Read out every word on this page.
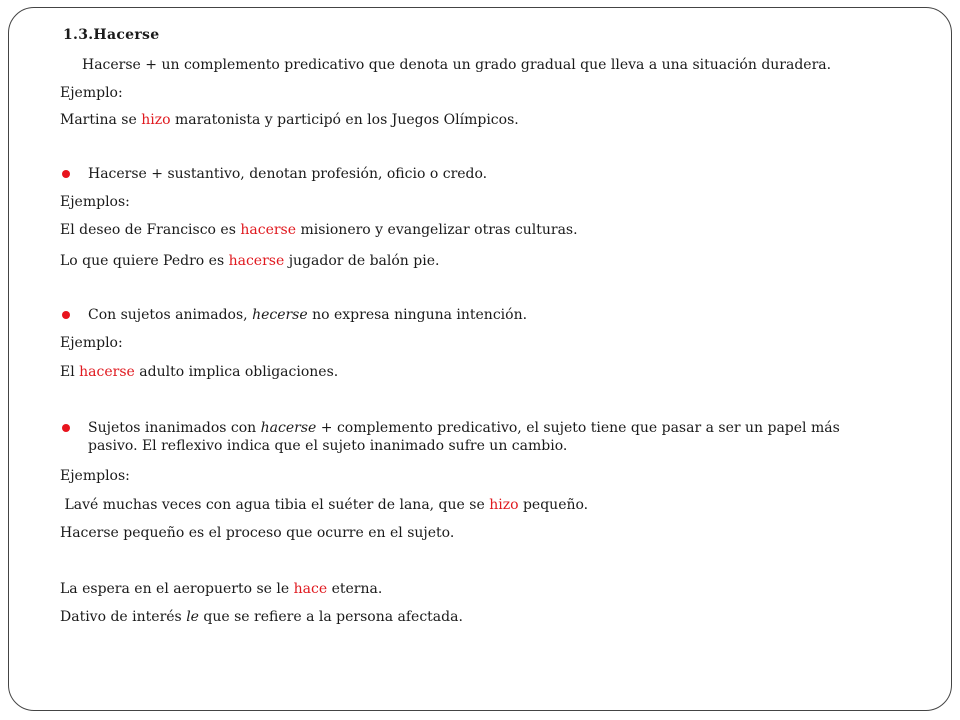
1.3.Hacerse
Hacerse + un complemento predicativo que denota un grado gradual que lleva a una situación duradera.
Ejemplo:
Martina se hizo maratonista y participó en los Juegos Olímpicos.
Hacerse + sustantivo, denotan profesión, oficio o credo.
Ejemplos:
El deseo de Francisco es hacerse misionero y evangelizar otras culturas.
Lo que quiere Pedro es hacerse jugador de balón pie.
Con sujetos animados, hecerse no expresa ninguna intención.
Ejemplo:
El hacerse adulto implica obligaciones.
Sujetos inanimados con hacerse + complemento predicativo, el sujeto tiene que pasar a ser un papel más pasivo. El reflexivo indica que el sujeto inanimado sufre un cambio.
Ejemplos:
Lavé muchas veces con agua tibia el suéter de lana, que se hizo pequeño.
Hacerse pequeño es el proceso que ocurre en el sujeto.
La espera en el aeropuerto se le hace eterna.
Dativo de interés le que se refiere a la persona afectada.
